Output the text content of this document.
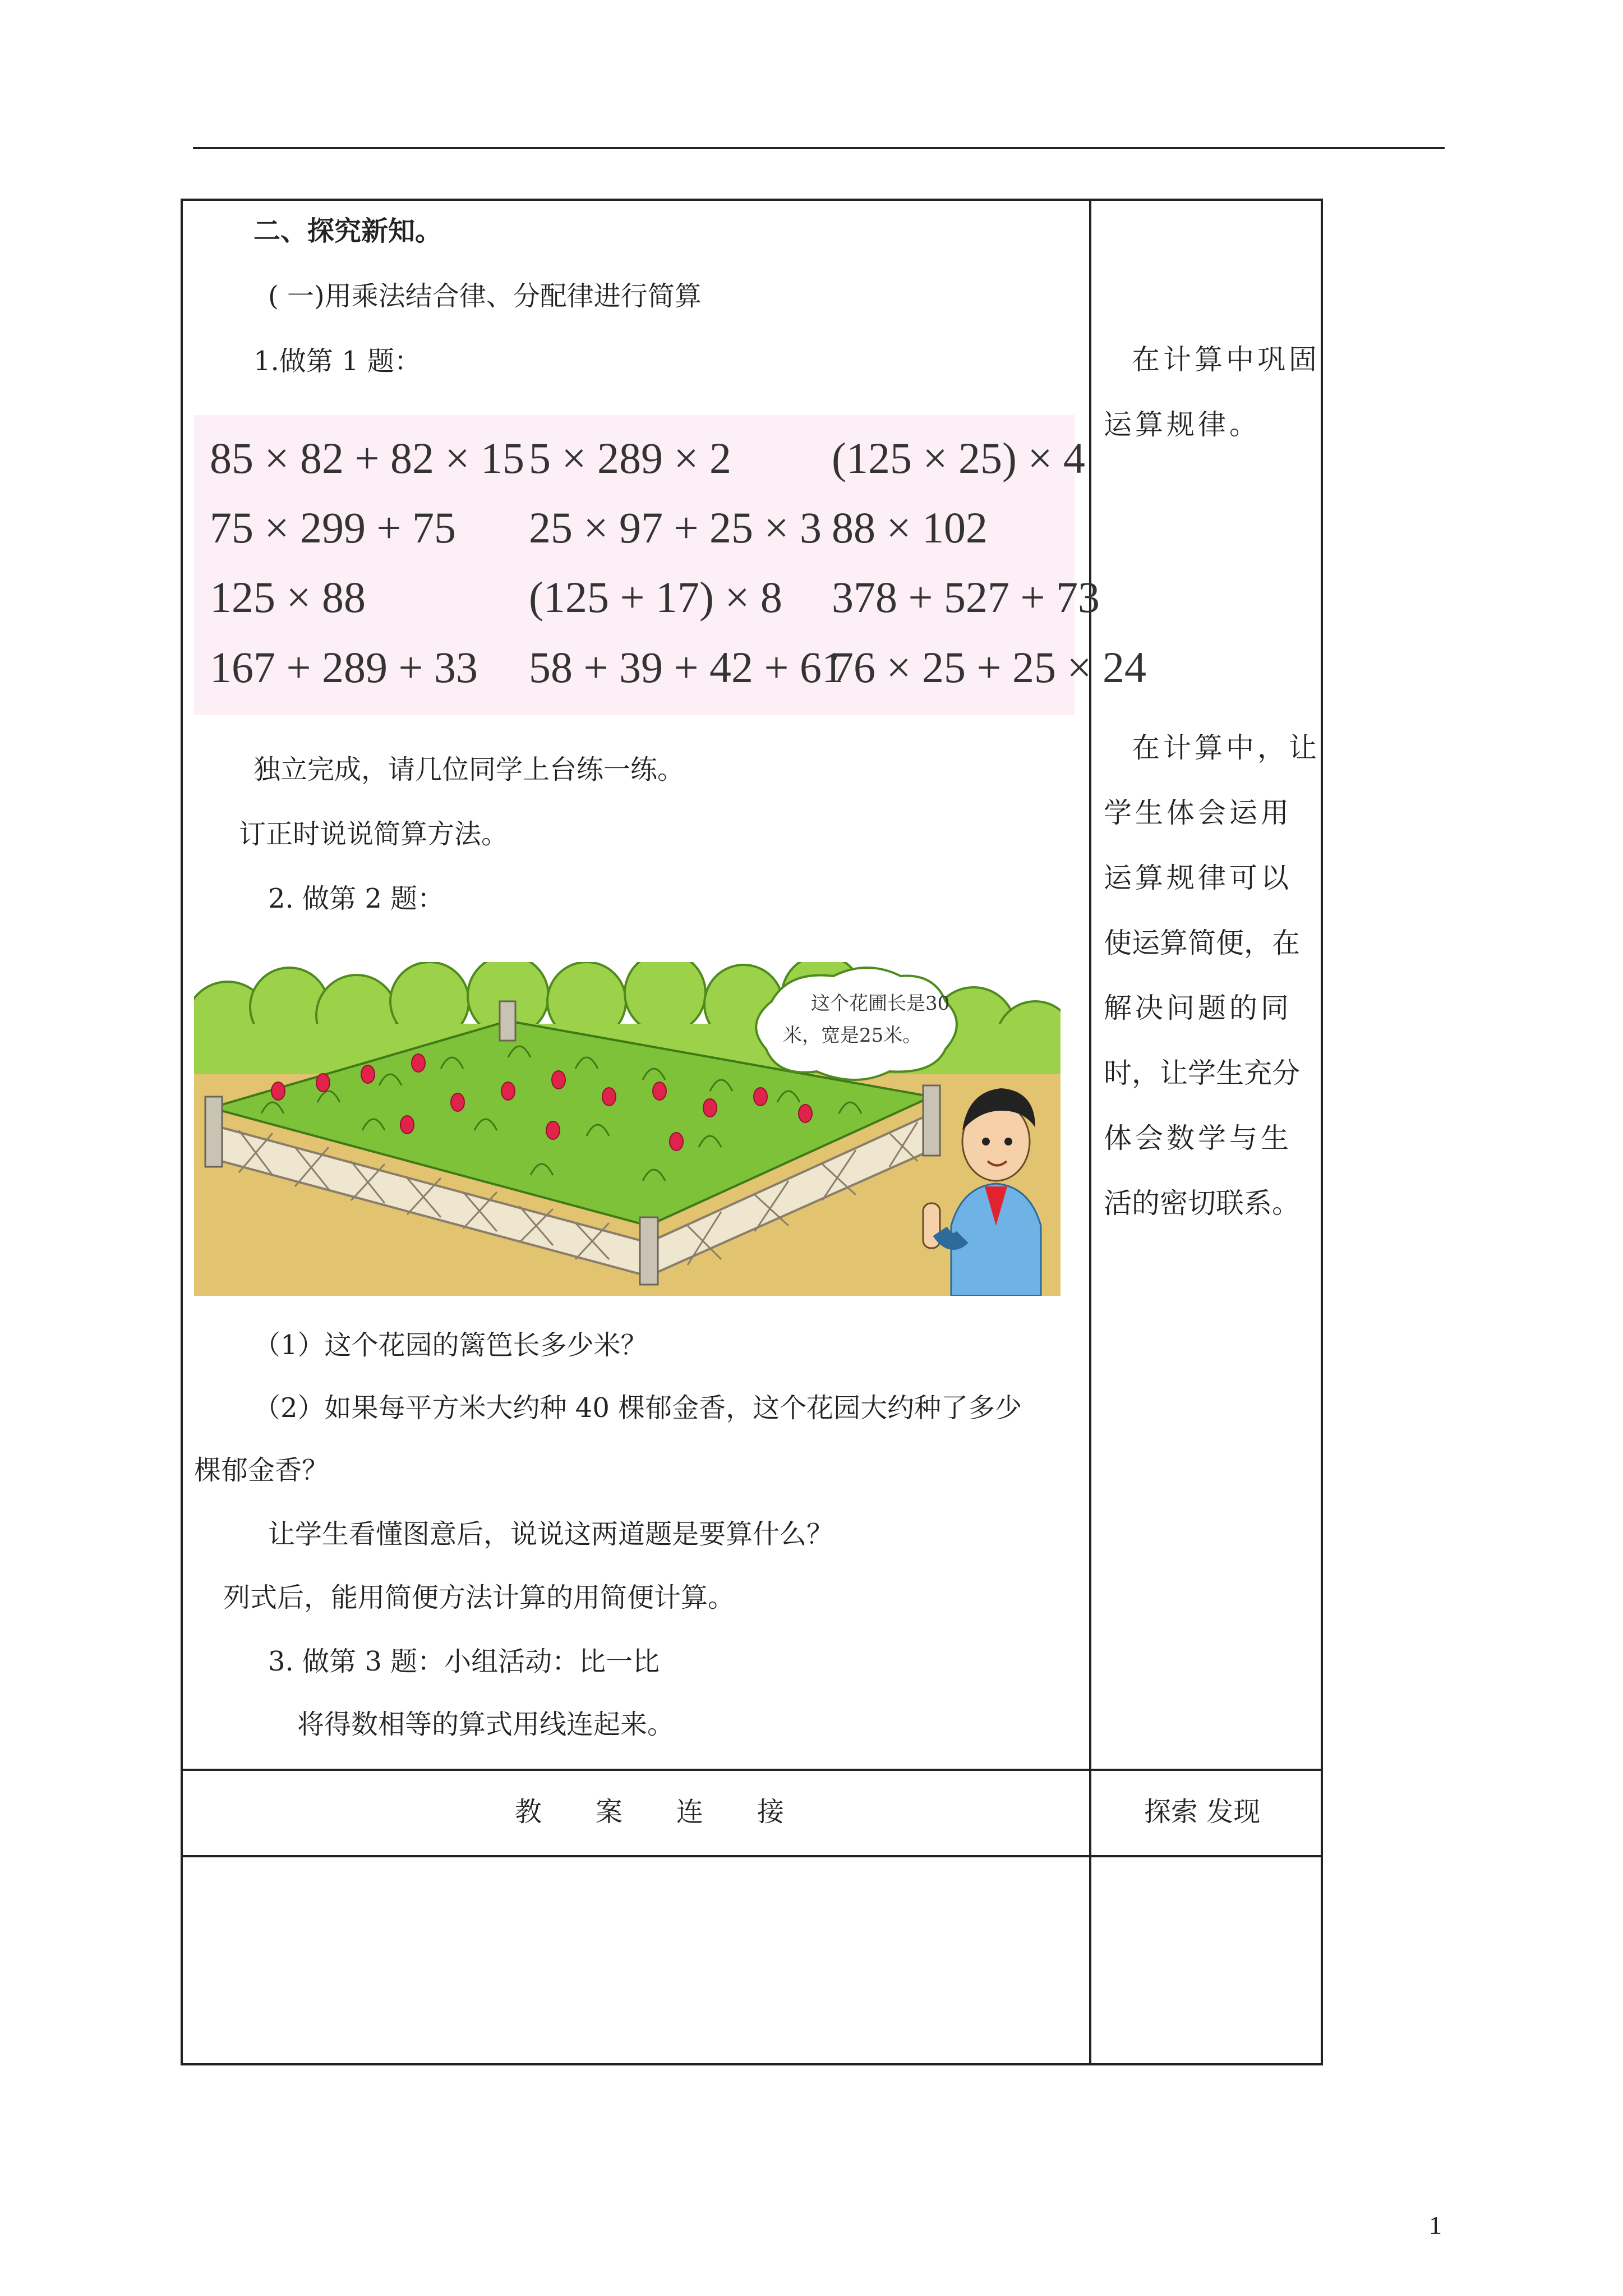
二、探究新知。
( 一)用乘法结合律、分配律进行简算
1.做第 1 题：
85 × 82 + 82 × 15 5 × 289 × 2 (125 × 25) × 4
75 × 299 + 75 25 × 97 + 25 × 3 88 × 102
125 × 88	(125 + 17) × 8 378 + 527 + 73
167 + 289 + 33 58 + 39 + 42 + 61
76 × 25 + 25 × 24
独立完成，请几位同学上台练一练。
订正时说说简算方法。
2. 做第 2 题：
这个花圃长是30
米，宽是25米。
（1）这个花园的篱笆长多少米？
（2）如果每平方米大约种 40 棵郁金香，这个花园大约种了多少
棵郁金香？
让学生看懂图意后，说说这两道题是要算什么？
列式后，能用简便方法计算的用简便计算。
3. 做第 3 题：小组活动：比一比
将得数相等的算式用线连起来。
在计算中巩固
运算规律。
在计算中，让
学生体会运用
运算规律可以
使运算简便，在
解决问题的同
时，让学生充分
体会数学与生
活的密切联系。
教　　案　　连　　接	探索 发现
1
